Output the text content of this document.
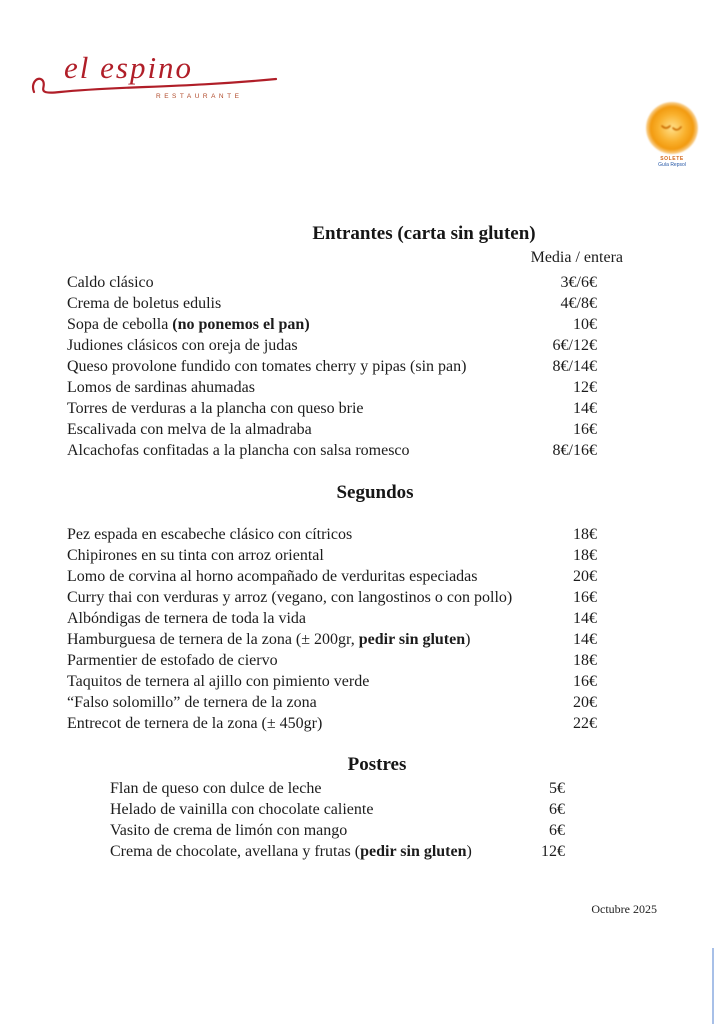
el espino
RESTAURANTE
SOLETE
Guía Repsol
Entrantes (carta sin gluten)
Media / entera
Caldo clásico	3€/6€
Crema de boletus edulis	4€/8€
Sopa de cebolla (no ponemos el pan)	10€
Judiones clásicos con oreja de judas	6€/12€
Queso provolone fundido con tomates cherry y pipas (sin pan)	8€/14€
Lomos de sardinas ahumadas	12€
Torres de verduras a la plancha con queso brie	14€
Escalivada con melva de la almadraba	16€
Alcachofas confitadas a la plancha con salsa romesco	8€/16€
Segundos
Pez espada en escabeche clásico con cítricos	18€
Chipirones en su tinta con arroz oriental	18€
Lomo de corvina al horno acompañado de verduritas especiadas	20€
Curry thai con verduras y arroz (vegano, con langostinos o con pollo)	16€
Albóndigas de ternera de toda la vida	14€
Hamburguesa de ternera de la zona (± 200gr, pedir sin gluten)	14€
Parmentier de estofado de ciervo	18€
Taquitos de ternera al ajillo con pimiento verde	16€
“Falso solomillo” de ternera de la zona	20€
Entrecot de ternera de la zona (± 450gr)	22€
Postres
Flan de queso con dulce de leche	5€
Helado de vainilla con chocolate caliente	6€
Vasito de crema de limón con mango	6€
Crema de chocolate, avellana y frutas (pedir sin gluten)	12€
Octubre 2025
